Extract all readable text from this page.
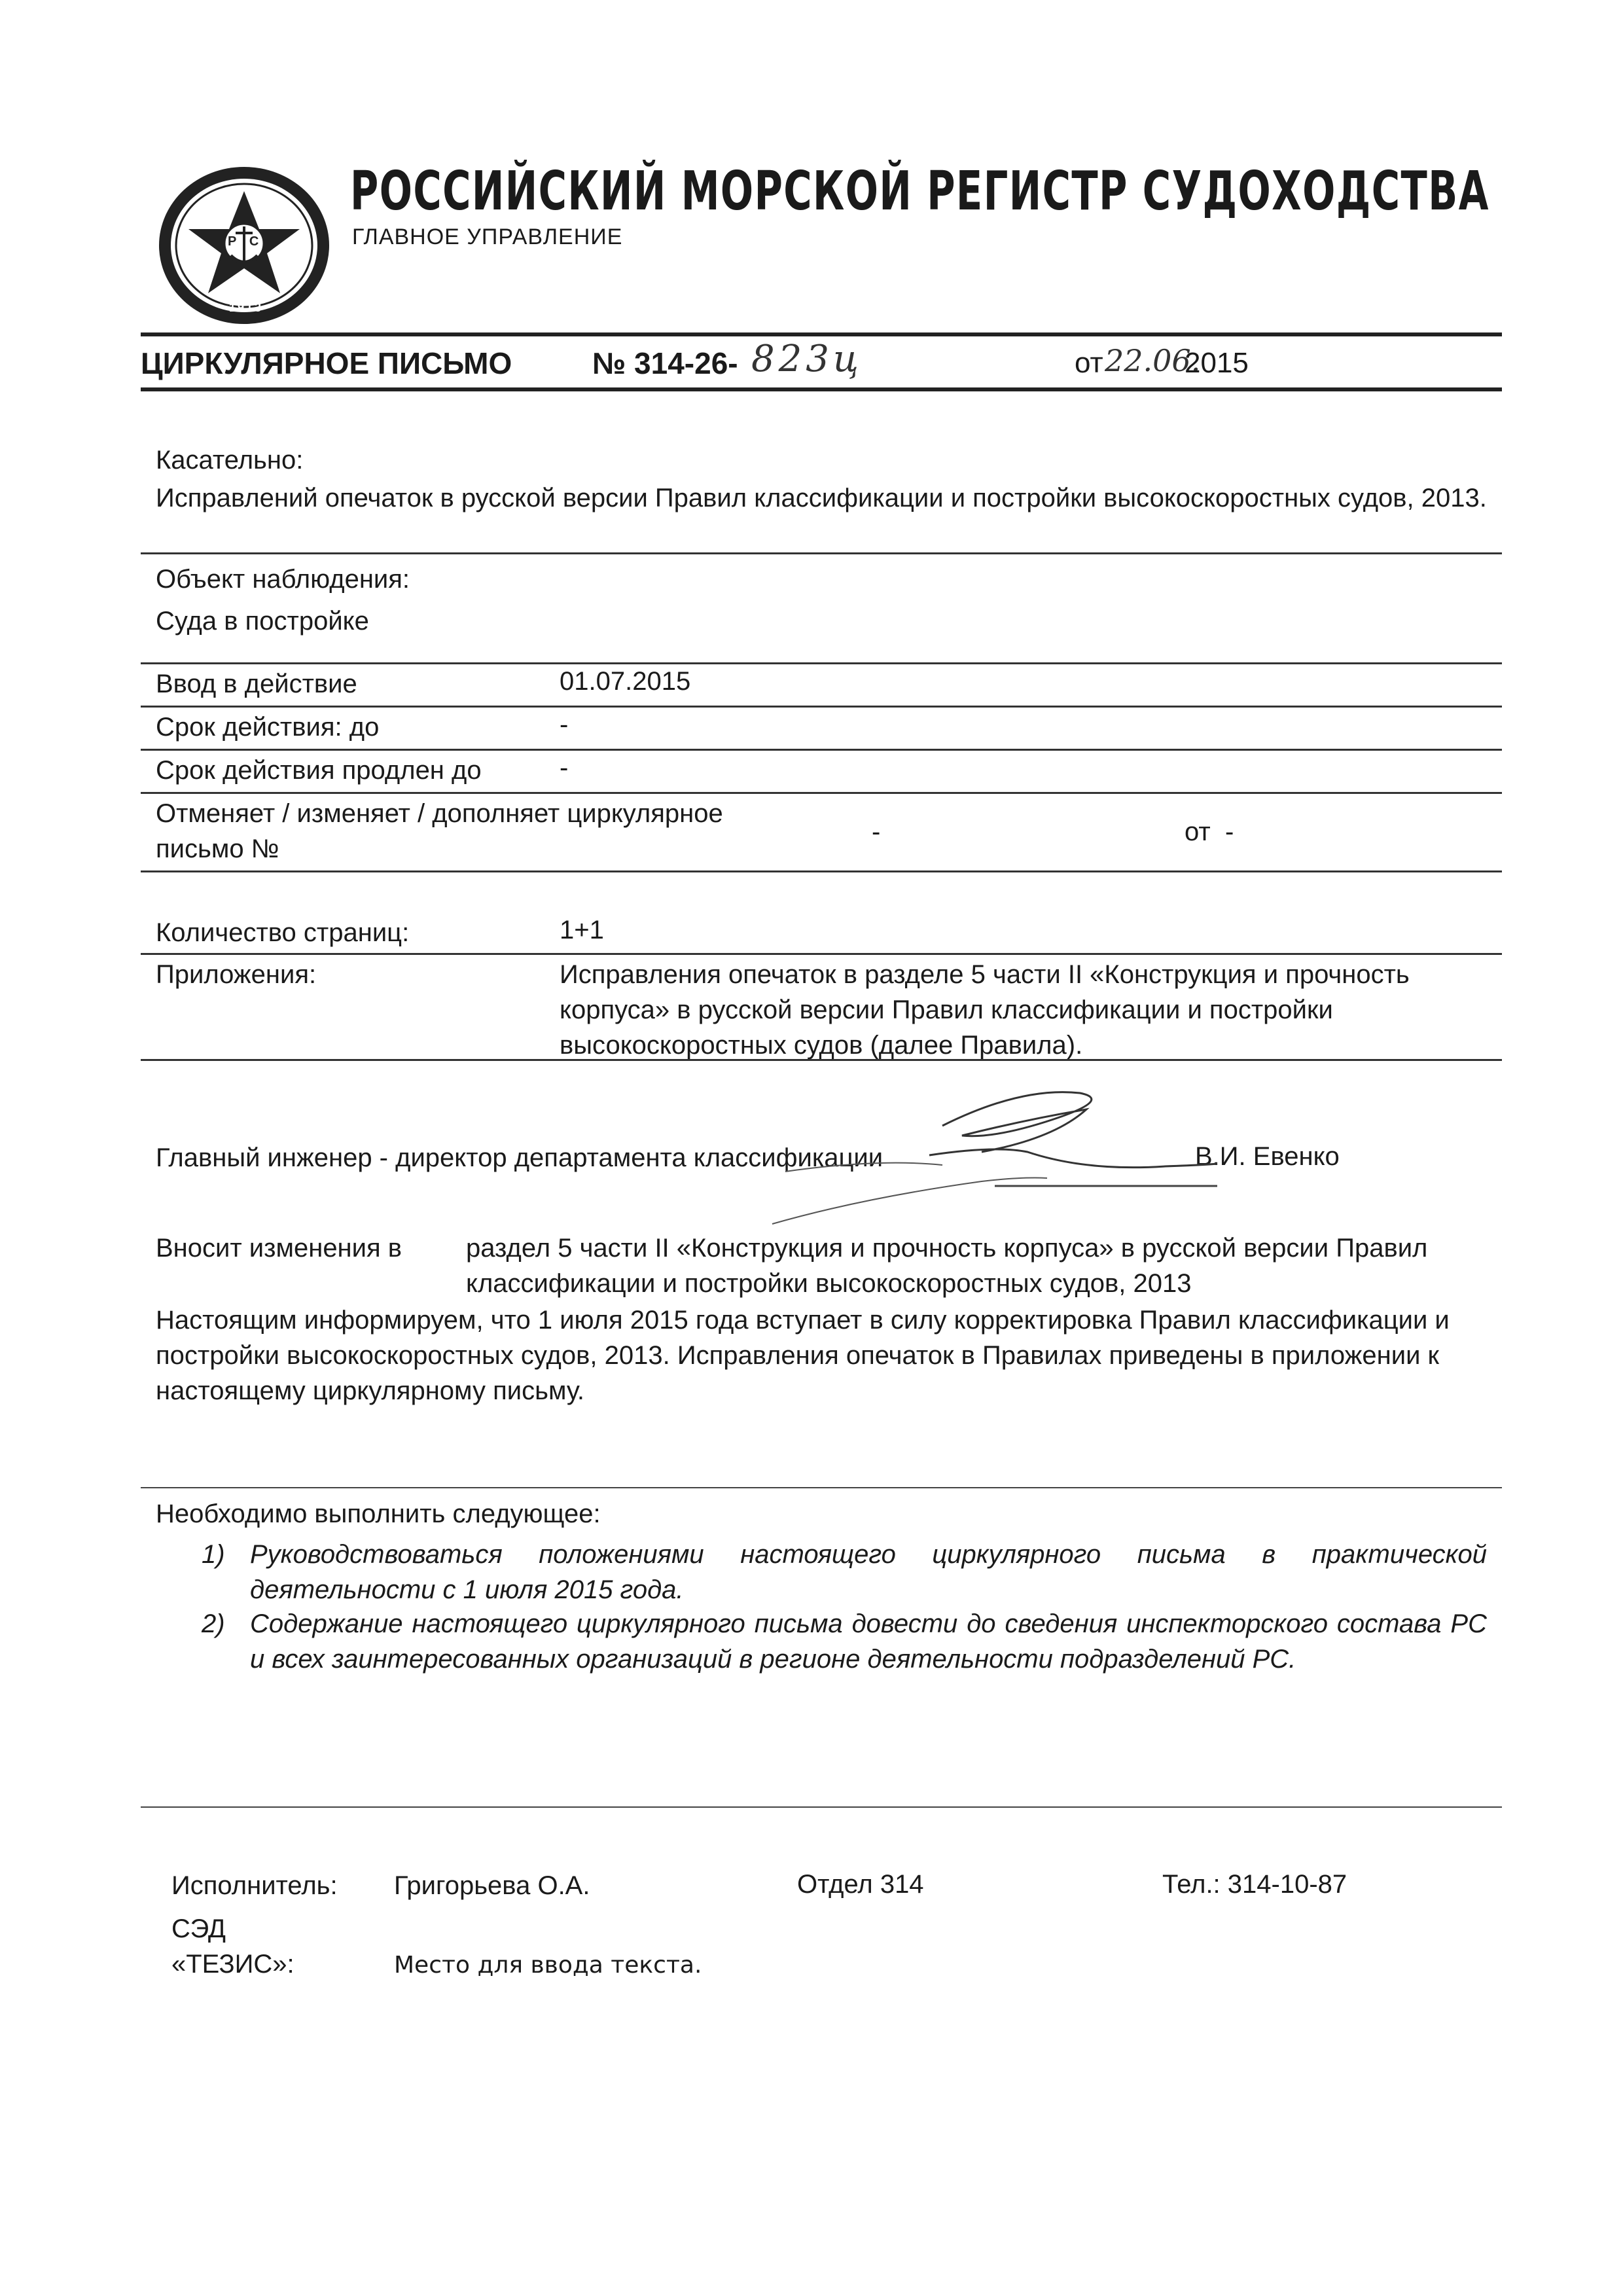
РС
1913
РОССИЙСКИЙ МОРСКОЙ РЕГИСТР СУДОХОДСТВА
ГЛАВНОЕ УПРАВЛЕНИЕ
ЦИРКУЛЯРНОЕ ПИСЬМО	№ 314-26- 823ц	от 22.06.
2015
Касательно:
Исправлений опечаток в русской версии Правил классификации и постройки высокоскоростных судов, 2013.
Объект наблюдения:
Суда в постройке
Ввод в действие	01.07.2015
Срок действия: до	-
Срок действия продлен до	-
Отменяет / изменяет / дополняет циркулярное письмо №
-	от -
Количество страниц:	1+1
Приложения:	Исправления опечаток в разделе 5 части II «Конструкция и прочность корпуса» в русской версии Правил классификации и постройки высокоскоростных судов (далее Правила).
Главный инженер - директор департамента классификации	В.И. Евенко
Вносит изменения в раздел 5 части II «Конструкция и прочность корпуса» в русской версии Правил классификации и постройки высокоскоростных судов, 2013
Настоящим информируем, что 1 июля 2015 года вступает в силу корректировка Правил классификации и постройки высокоскоростных судов, 2013. Исправления опечаток в Правилах приведены в приложении к настоящему циркулярному письму.
Необходимо выполнить следующее:
1) Руководствоваться положениями настоящего циркулярного письма в практической деятельности с 1 июля 2015 года.
2) Содержание настоящего циркулярного письма довести до сведения инспекторского состава РС и всех заинтересованных организаций в регионе деятельности подразделений РС.
Исполнитель: Григорьева О.А.	Отдел 314	Тел.: 314-10-87
СЭД «ТЕЗИС»:	Место для ввода текста.
